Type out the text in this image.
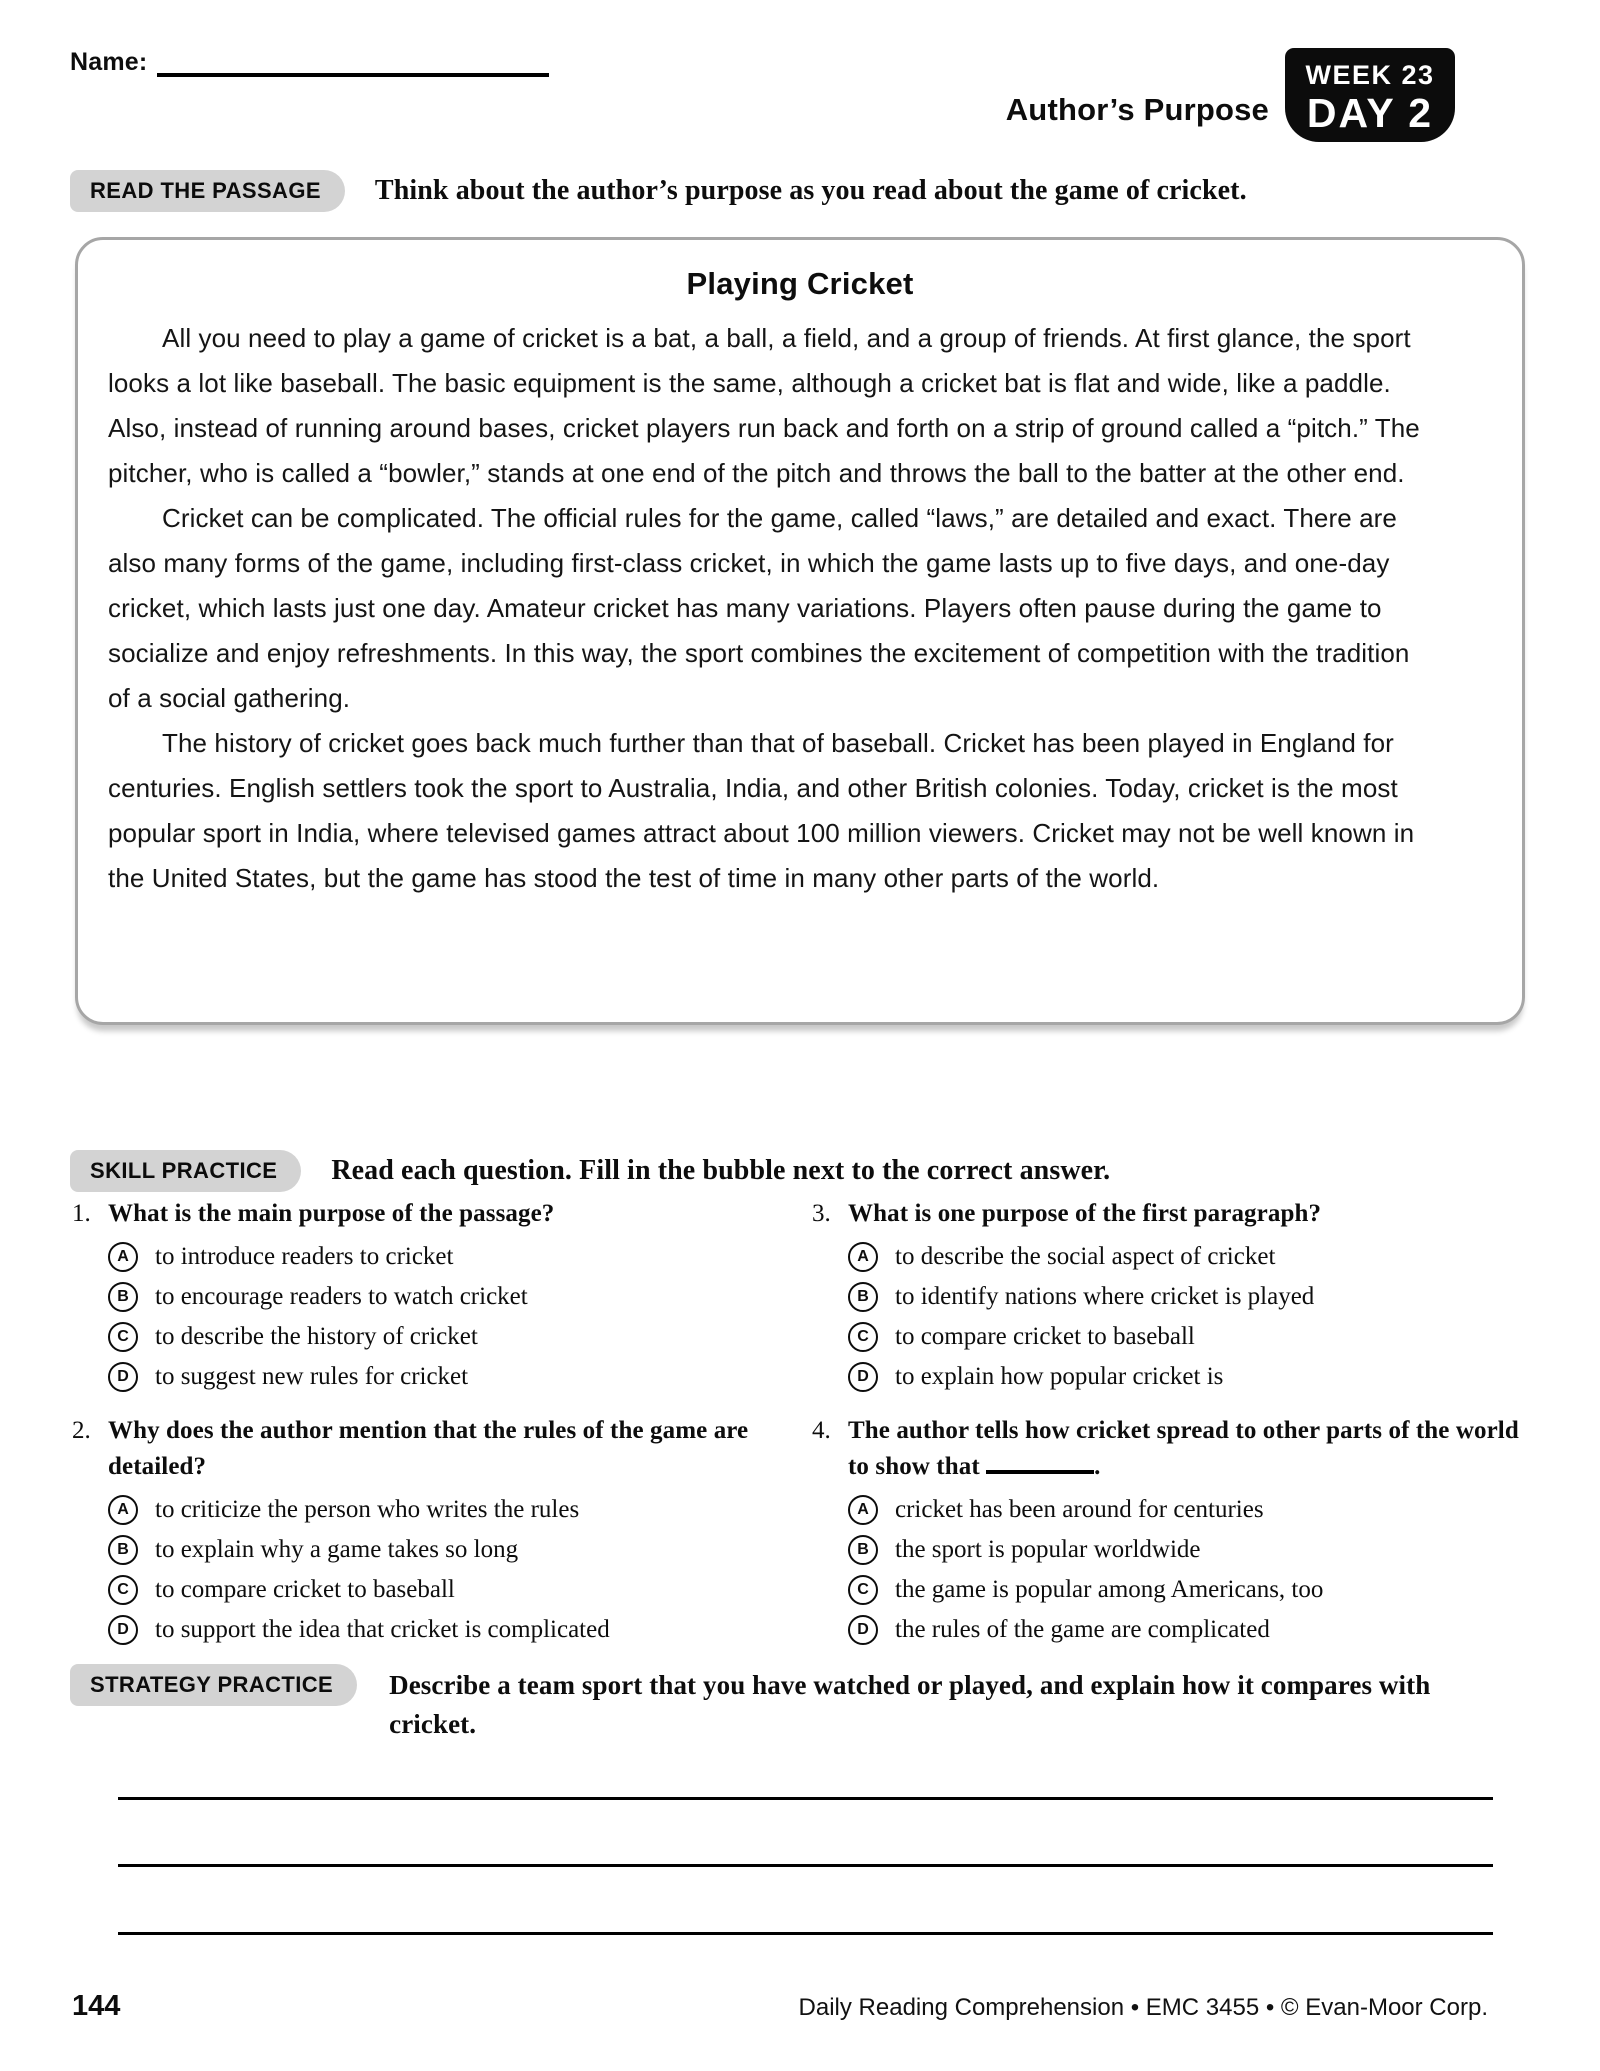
Name:
Author’s Purpose
WEEK 23
DAY 2
READ THE PASSAGE	Think about the author’s purpose as you read about the game of cricket.
Playing Cricket

All you need to play a game of cricket is a bat, a ball, a field, and a group of friends. At first glance, the sport looks a lot like baseball. The basic equipment is the same, although a cricket bat is flat and wide, like a paddle. Also, instead of running around bases, cricket players run back and forth on a strip of ground called a “pitch.” The pitcher, who is called a “bowler,” stands at one end of the pitch and throws the ball to the batter at the other end.

Cricket can be complicated. The official rules for the game, called “laws,” are detailed and exact. There are also many forms of the game, including first-class cricket, in which the game lasts up to five days, and one-day cricket, which lasts just one day. Amateur cricket has many variations. Players often pause during the game to socialize and enjoy refreshments. In this way, the sport combines the excitement of competition with the tradition of a social gathering.

The history of cricket goes back much further than that of baseball. Cricket has been played in England for centuries. English settlers took the sport to Australia, India, and other British colonies. Today, cricket is the most popular sport in India, where televised games attract about 100 million viewers. Cricket may not be well known in the United States, but the game has stood the test of time in many other parts of the world.

SKILL PRACTICE	Read each question. Fill in the bubble next to the correct answer.
1. What is the main purpose of the passage?
A	to introduce readers to cricket
B	to encourage readers to watch cricket
C	to describe the history of cricket
D	to suggest new rules for cricket
2. Why does the author mention that the rules of the game are detailed?
A	to criticize the person who writes the rules
B	to explain why a game takes so long
C	to compare cricket to baseball
D	to support the idea that cricket is complicated
3. What is one purpose of the first paragraph?
A	to describe the social aspect of cricket
B	to identify nations where cricket is played
C	to compare cricket to baseball
D	to explain how popular cricket is
4. The author tells how cricket spread to other parts of the world to show that	.
A	cricket has been around for centuries
B	the sport is popular worldwide
C	the game is popular among Americans, too
D	the rules of the game are complicated
STRATEGY PRACTICE	Describe a team sport that you have watched or played, and explain how it compares with cricket.
144	Daily Reading Comprehension • EMC 3455 • © Evan-Moor Corp.
